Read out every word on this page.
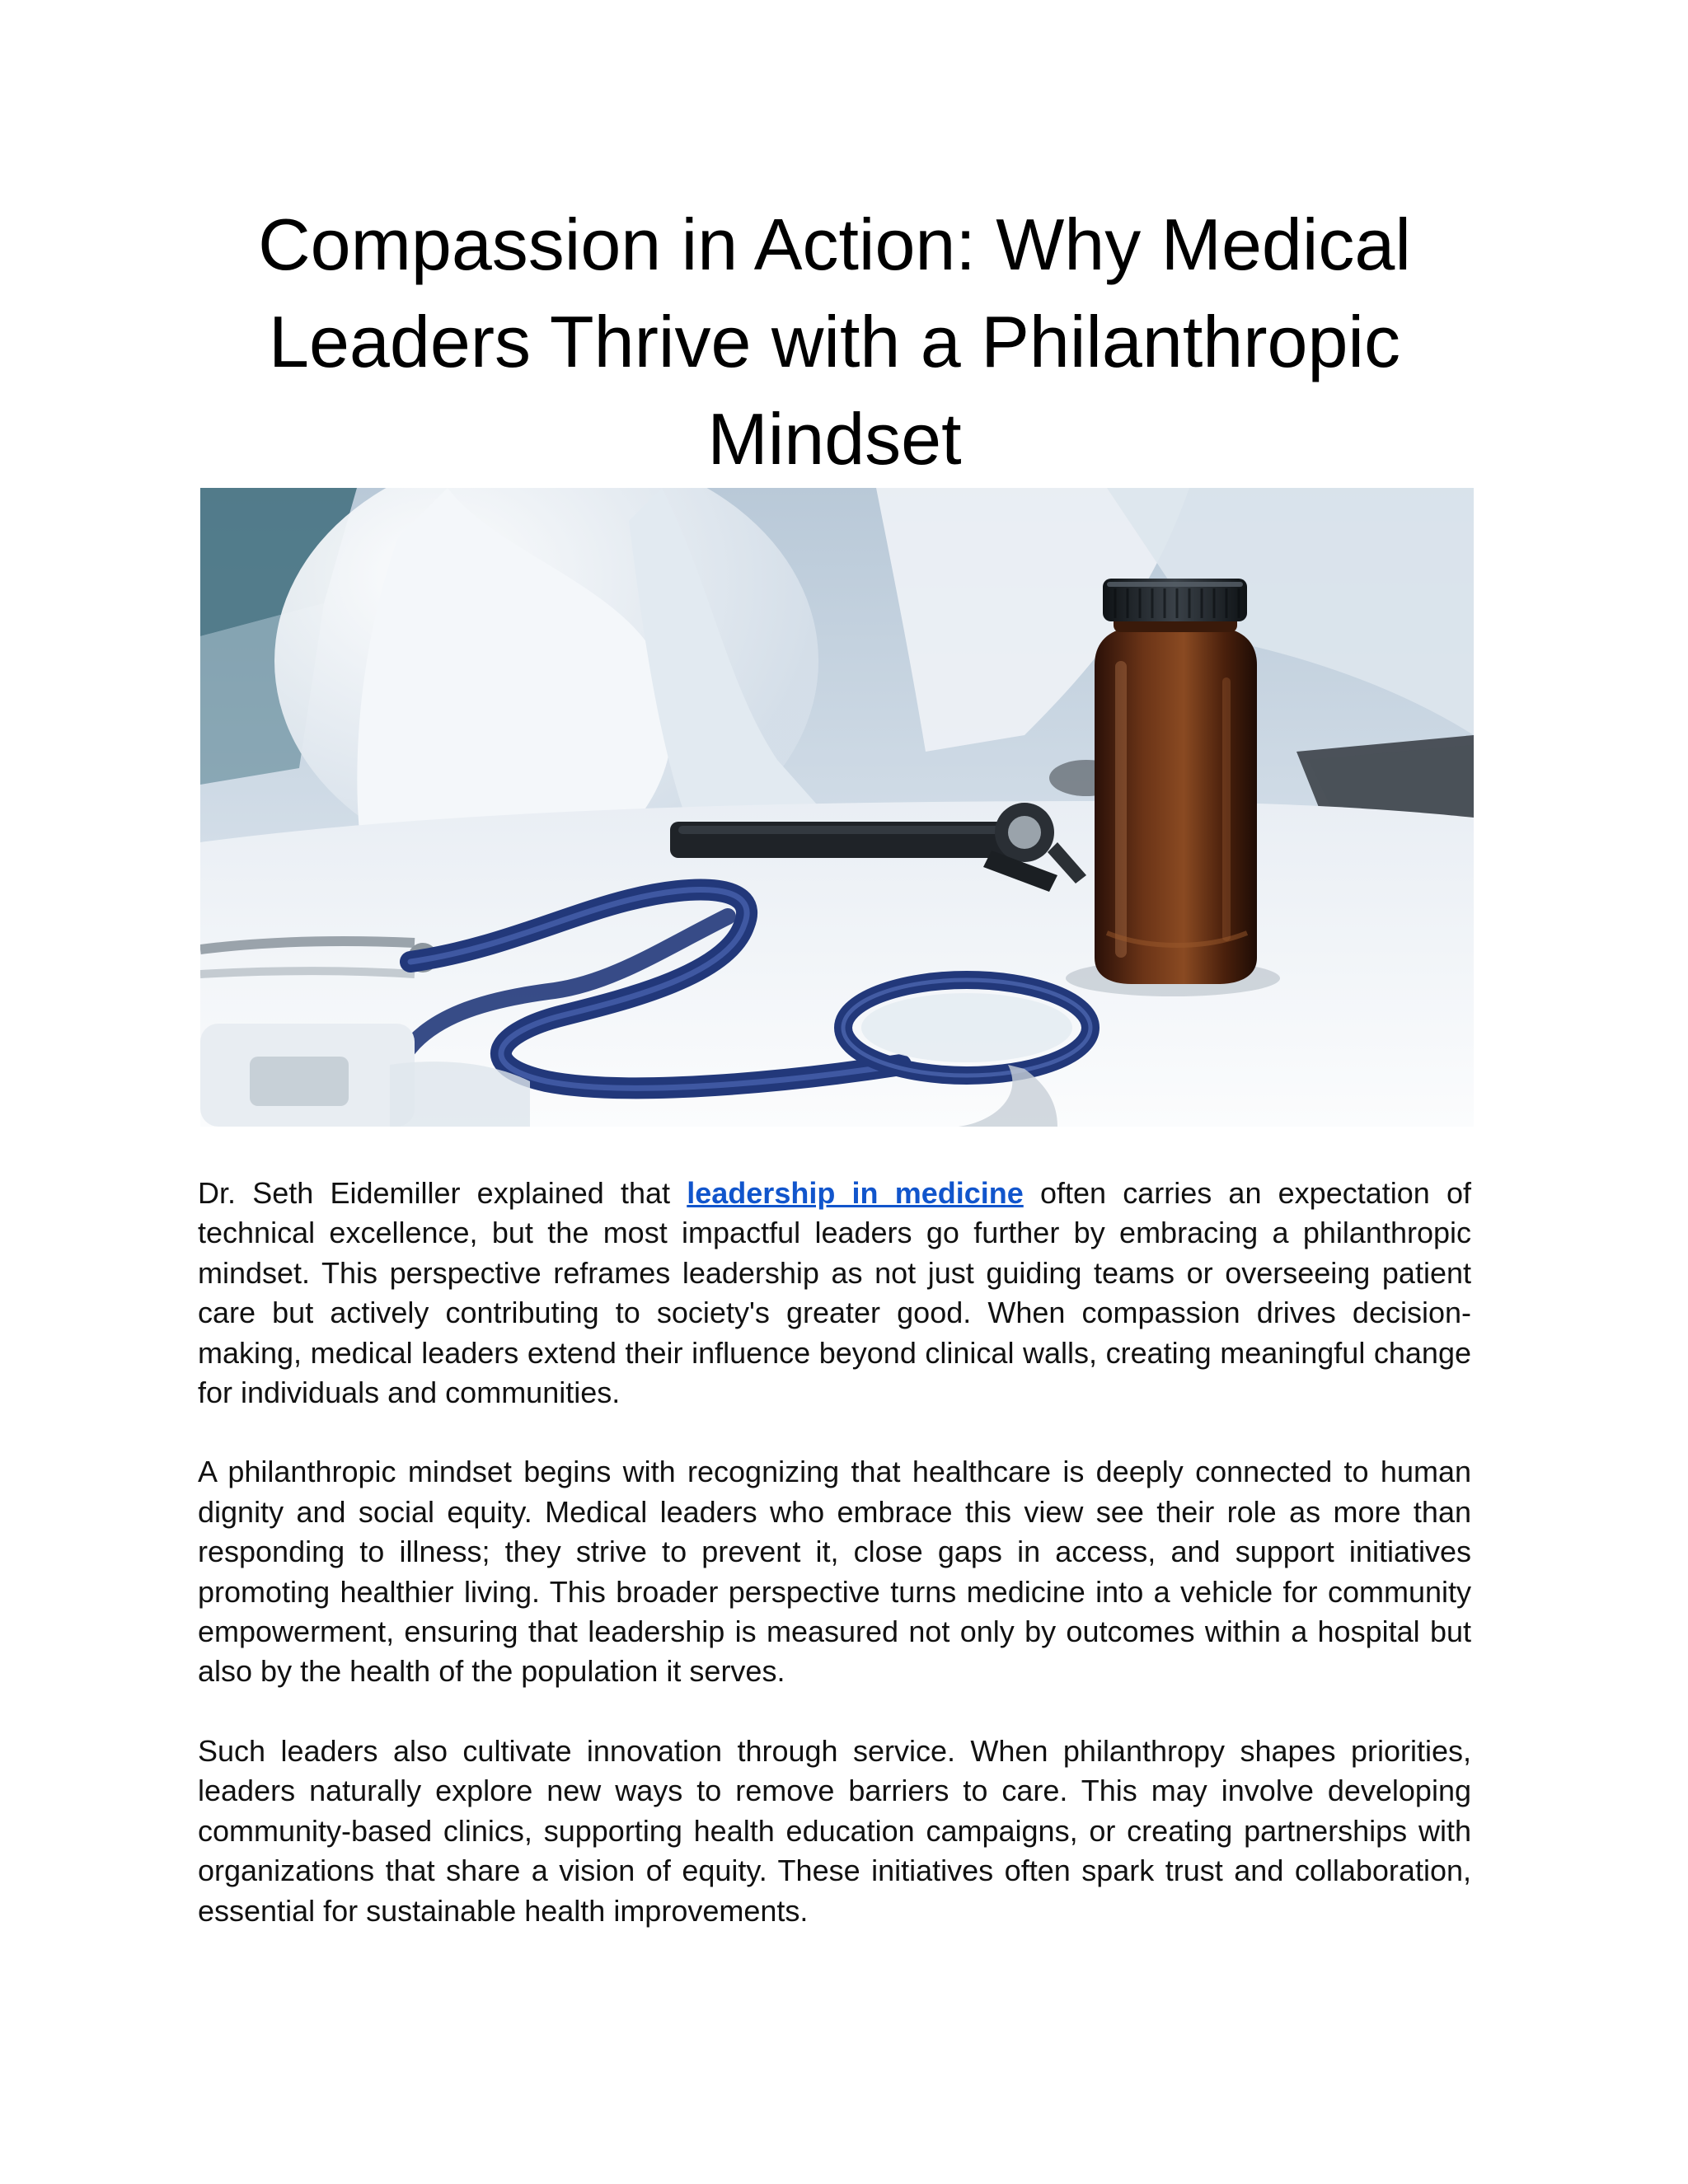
Compassion in Action: Why Medical Leaders Thrive with a Philanthropic Mindset

Dr. Seth Eidemiller explained that leadership in medicine often carries an expectation of technical excellence, but the most impactful leaders go further by embracing a philanthropic mindset. This perspective reframes leadership as not just guiding teams or overseeing patient care but actively contributing to society's greater good. When compassion drives decision-making, medical leaders extend their influence beyond clinical walls, creating meaningful change for individuals and communities.

A philanthropic mindset begins with recognizing that healthcare is deeply connected to human dignity and social equity. Medical leaders who embrace this view see their role as more than responding to illness; they strive to prevent it, close gaps in access, and support initiatives promoting healthier living. This broader perspective turns medicine into a vehicle for community empowerment, ensuring that leadership is measured not only by outcomes within a hospital but also by the health of the population it serves.

Such leaders also cultivate innovation through service. When philanthropy shapes priorities, leaders naturally explore new ways to remove barriers to care. This may involve developing community-based clinics, supporting health education campaigns, or creating partnerships with organizations that share a vision of equity. These initiatives often spark trust and collaboration, essential for sustainable health improvements.
